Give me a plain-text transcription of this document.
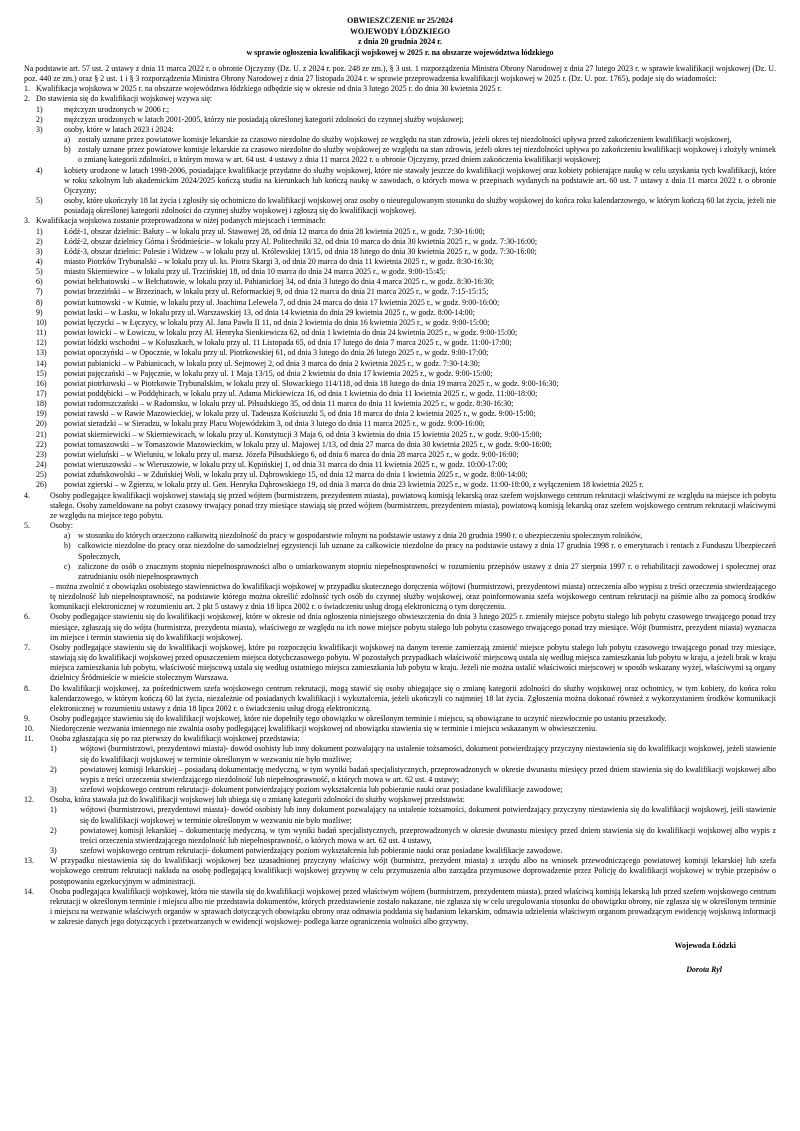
OBWIESZCZENIE nr 25/2024
WOJEWODY ŁÓDZKIEGO
z dnia 20 grudnia 2024 r.
w sprawie ogłoszenia kwalifikacji wojskowej w 2025 r. na obszarze województwa łódzkiego
Na podstawie art. 57 ust. 2 ustawy z dnia 11 marca 2022 r. o obronie Ojczyzny (Dz. U. z 2024 r. poz. 248 ze zm.), § 3 ust. 1 rozporządzenia Ministra Obrony Narodowej z dnia 27 lutego 2023 r. w sprawie kwalifikacji wojskowej (Dz. U. poz. 440 ze zm.) oraz § 2 ust. 1 i § 3 rozporządzenia Ministra Obrony Narodowej z dnia 27 listopada 2024 r. w sprawie przeprowadzenia kwalifikacji wojskowej w 2025 r. (Dz. U. poz. 1765), podaje się do wiadomości:
1.
Kwalifikacja wojskowa w 2025 r. na obszarze województwa łódzkiego odbędzie się w okresie od dnia 3 lutego 2025 r. do dnia 30 kwietnia 2025 r.
2.
Do stawienia się do kwalifikacji wojskowej wzywa się:
1)	mężczyzn urodzonych w 2006 r.;
2)	mężczyzn urodzonych w latach 2001-2005, którzy nie posiadają określonej kategorii zdolności do czynnej służby wojskowej;
3)	osoby, które w latach 2023 i 2024:
a) zostały uznane przez powiatowe komisje lekarskie za czasowo niezdolne do służby wojskowej ze względu na stan zdrowia, jeżeli okres tej niezdolności upływa przed zakończeniem kwalifikacji wojskowej,
b) zostały uznane przez powiatowe komisje lekarskie za czasowo niezdolne do służby wojskowej ze względu na stan zdrowia, jeżeli okres tej niezdolności upływa po zakończeniu kwalifikacji wojskowej i złożyły wniosek o zmianę kategorii zdolności, o którym mowa w art. 64 ust. 4 ustawy z dnia 11 marca 2022 r. o obronie Ojczyzny, przed dniem zakończenia kwalifikacji wojskowej;
4)	kobiety urodzone w latach 1998-2006, posiadające kwalifikacje przydatne do służby wojskowej, które nie stawały jeszcze do kwalifikacji wojskowej oraz kobiety pobierające naukę w celu uzyskania tych kwalifikacji, które w roku szkolnym lub akademickim 2024/2025 kończą studia na kierunkach lub kończą naukę w zawodach, o których mowa w przepisach wydanych na podstawie art. 60 ust. 7 ustawy z dnia 11 marca 2022 r. o obronie Ojczyzny;
5)	osoby, które ukończyły 18 lat życia i zgłosiły się ochotniczo do kwalifikacji wojskowej oraz osoby o nieuregulowanym stosunku do służby wojskowej do końca roku kalendarzowego, w którym kończą 60 lat życia, jeżeli nie posiadają określonej kategorii zdolności do czynnej służby wojskowej i zgłoszą się do kwalifikacji wojskowej.
3.
Kwalifikacja wojskowa zostanie przeprowadzona w niżej podanych miejscach i terminach:
1)	Łódź-1, obszar dzielnic: Bałuty – w lokalu przy ul. Stawowej 28, od dnia 12 marca do dnia 28 kwietnia 2025 r., w godz. 7:30-16:00;
2)	Łódź-2, obszar dzielnicy Górna i Śródmieście– w lokalu przy Al. Politechniki 32, od dnia 10 marca do dnia 30 kwietnia 2025 r., w godz. 7:30-16:00;
3)	Łódź-3, obszar dzielnic: Polesie i Widzew – w lokalu przy ul. Królewskiej 13/15, od dnia 18 lutego do dnia 30 kwietnia 2025 r., w godz. 7:30-16:00;
4)	miasto Piotrków Trybunalski – w lokalu przy ul. ks. Piotra Skargi 3, od dnia 20 marca do dnia 11 kwietnia 2025 r., w godz. 8:30-16:30;
5)	miasto Skierniewice – w lokalu przy ul. Trzcińskiej 18, od dnia 10 marca do dnia 24 marca 2025 r., w godz. 9:00-15:45;
6)	powiat bełchatowski – w Bełchatowie, w lokalu przy ul. Pabianickiej 34, od dnia 3 lutego do dnia 4 marca 2025 r., w godz. 8:30-16:30;
7)	powiat brzeziński – w Brzezinach, w lokalu przy ul. Reformackiej 9, od dnia 12 marca do dnia 21 marca 2025 r., w godz. 7:15-15:15;
8)	powiat kutnowski - w Kutnie, w lokalu przy ul. Joachima Lelewela 7, od dnia 24 marca do dnia 17 kwietnia 2025 r., w godz. 9:00-16:00;
9)	powiat łaski – w Łasku, w lokalu przy ul. Warszawskiej 13, od dnia 14 kwietnia do dnia 29 kwietnia 2025 r., w godz. 8:00-14:00;
10)	powiat łęczycki – w Łęczycy, w lokalu przy Al. Jana Pawła II 11, od dnia 2 kwietnia do dnia 16 kwietnia 2025 r., w godz. 9:00-15:00;
11)	powiat łowicki – w Łowiczu, w lokalu przy Al. Henryka Sienkiewicza 62, od dnia 1 kwietnia do dnia 24 kwietnia 2025 r., w godz. 9:00-15:00;
12)	powiat łódzki wschodni – w Koluszkach, w lokalu przy ul. 11 Listopada 65, od dnia 17 lutego do dnia 7 marca 2025 r., w godz. 11:00-17:00;
13)	powiat opoczyński – w Opocznie, w lokalu przy ul. Piotrkowskiej 61, od dnia 3 lutego do dnia 26 lutego 2025 r., w godz. 9:00-17:00;
14)	powiat pabianicki – w Pabianicach, w lokalu przy ul. Sejmowej 2, od dnia 3 marca do dnia 2 kwietnia 2025 r., w godz. 7:30-14:30;
15)	powiat pajęczański – w Pajęcznie, w lokalu przy ul. 1 Maja 13/15, od dnia 2 kwietnia do dnia 17 kwietnia 2025 r., w godz. 9:00-15:00;
16)	powiat piotrkowski – w Piotrkowie Trybunalskim, w lokalu przy ul. Słowackiego 114/118, od dnia 18 lutego do dnia 19 marca 2025 r., w godz. 9:00-16:30;
17)	powiat poddębicki – w Poddębicach, w lokalu przy ul. Adama Mickiewicza 16, od dnia 1 kwietnia do dnia 11 kwietnia 2025 r., w godz. 11:00-18:00;
18)	powiat radomszczański – w Radomsku, w lokalu przy ul. Piłsudskiego 35, od dnia 11 marca do dnia 11 kwietnia 2025 r., w godz. 8:30-16:30;
19)	powiat rawski – w Rawie Mazowieckiej, w lokalu przy ul. Tadeusza Kościuszki 5, od dnia 18 marca do dnia 2 kwietnia 2025 r., w godz. 9:00-15:00;
20)	powiat sieradzki – w Sieradzu, w lokalu przy Placu Wojewódzkim 3, od dnia 3 lutego do dnia 11 marca 2025 r., w godz. 9:00-16:00;
21)	powiat skierniewicki – w Skierniewicach, w lokalu przy ul. Konstytucji 3 Maja 6, od dnia 3 kwietnia do dnia 15 kwietnia 2025 r., w godz. 9:00-15:00;
22)	powiat tomaszowski – w Tomaszowie Mazowieckim, w lokalu przy ul. Majowej 1/13, od dnia 27 marca do dnia 30 kwietnia 2025 r., w godz. 9:00-16:00;
23)	powiat wieluński – w Wieluniu, w lokalu przy ul. marsz. Józefa Piłsudskiego 6, od dnia 6 marca do dnia 28 marca 2025 r., w godz. 9:00-16:00;
24)	powiat wieruszowski – w Wieruszowie, w lokalu przy ul. Kępińskiej 1, od dnia 31 marca do dnia 11 kwietnia 2025 r., w godz. 10:00-17:00;
25)	powiat zduńskowolski – w Zduńskiej Woli, w lokalu przy ul. Dąbrowskiego 15, od dnia 12 marca do dnia 1 kwietnia 2025 r., w godz. 8:00-14:00;
26)	powiat zgierski – w Zgierzu, w lokalu przy ul. Gen. Henryka Dąbrowskiego 19, od dnia 3 marca do dnia 23 kwietnia 2025 r., w godz. 11:00-18:00, z wyłączeniem 18 kwietnia 2025 r.
4.	Osoby podlegające kwalifikacji wojskowej stawiają się przed wójtem (burmistrzem, prezydentem miasta), powiatową komisją lekarską oraz szefem wojskowego centrum rekrutacji właściwymi ze względu na miejsce ich pobytu stałego. Osoby zameldowane na pobyt czasowy trwający ponad trzy miesiące stawiają się przed wójtem (burmistrzem, prezydentem miasta), powiatową komisją lekarską oraz szefem wojskowego centrum rekrutacji właściwymi ze względu na miejsce tego pobytu.
5.	Osoby:
a) w stosunku do których orzeczono całkowitą niezdolność do pracy w gospodarstwie rolnym na podstawie ustawy z dnia 20 grudnia 1990 r. o ubezpieczeniu społecznym rolników,
b) całkowicie niezdolne do pracy oraz niezdolne do samodzielnej egzystencji lub uznane za całkowicie niezdolne do pracy na podstawie ustawy z dnia 17 grudnia 1998 r. o emeryturach i rentach z Funduszu Ubezpieczeń Społecznych,
c) zaliczone do osób o znacznym stopniu niepełnosprawności albo o umiarkowanym stopniu niepełnosprawności w rozumieniu przepisów ustawy z dnia 27 sierpnia 1997 r. o rehabilitacji zawodowej i społecznej oraz zatrudnianiu osób niepełnosprawnych
– można zwolnić z obowiązku osobistego stawiennictwa do kwalifikacji wojskowej w przypadku skutecznego doręczenia wójtowi (burmistrzowi, prezydentowi miasta) orzeczenia albo wypisu z treści orzeczenia stwierdzającego tę niezdolność lub niepełnosprawność, na podstawie którego można określić zdolność tych osób do czynnej służby wojskowej, oraz poinformowania szefa wojskowego centrum rekrutacji na piśmie albo za pomocą środków komunikacji elektronicznej w rozumieniu art. 2 pkt 5 ustawy z dnia 18 lipca 2002 r. o świadczeniu usług drogą elektroniczną o tym doręczeniu.
6.	Osoby podlegające stawieniu się do kwalifikacji wojskowej, które w okresie od dnia ogłoszenia niniejszego obwieszczenia do dnia 3 lutego 2025 r. zmieniły miejsce pobytu stałego lub pobytu czasowego trwającego ponad trzy miesiące, zgłaszają się do wójta (burmistrza, prezydenta miasta), właściwego ze względu na ich nowe miejsce pobytu stałego lub pobytu czasowego trwającego ponad trzy miesiące. Wójt (burmistrz, prezydent miasta) wyznacza im miejsce i termin stawienia się do kwalifikacji wojskowej.
7.	Osoby podlegające stawieniu się do kwalifikacji wojskowej, które po rozpoczęciu kwalifikacji wojskowej na danym terenie zamierzają zmienić miejsce pobytu stałego lub pobytu czasowego trwającego ponad trzy miesiące, stawiają się do kwalifikacji wojskowej przed opuszczeniem miejsca dotychczasowego pobytu. W pozostałych przypadkach właściwość miejscową ustala się według miejsca zamieszkania lub pobytu w kraju, a jeżeli brak w kraju miejsca zamieszkania lub pobytu, właściwość miejscową ustala się według ostatniego miejsca zamieszkania lub pobytu w kraju. Jeżeli nie można ustalić właściwości miejscowej w sposób wskazany wyżej, właściwymi są organy dzielnicy Śródmieście w mieście stołecznym Warszawa.
8.	Do kwalifikacji wojskowej, za pośrednictwem szefa wojskowego centrum rekrutacji, mogą stawić się osoby ubiegające się o zmianę kategorii zdolności do służby wojskowej oraz ochotnicy, w tym kobiety, do końca roku kalendarzowego, w którym kończą 60 lat życia, niezależnie od posiadanych kwalifikacji i wykształcenia, jeżeli ukończyli co najmniej 18 lat życia. Zgłoszenia można dokonać również z wykorzystaniem środków komunikacji elektronicznej w rozumieniu ustawy z dnia 18 lipca 2002 r. o świadczeniu usług drogą elektroniczną.
9.	Osoby podlegające stawieniu się do kwalifikacji wojskowej, które nie dopełniły tego obowiązku w określonym terminie i miejscu, są obowiązane to uczynić niezwłocznie po ustaniu przeszkody.
10.	Niedoręczenie wezwania imiennego nie zwalnia osoby podlegającej kwalifikacji wojskowej od obowiązku stawienia się w terminie i miejscu wskazanym w obwieszczeniu.
11.	Osoba zgłaszająca się po raz pierwszy do kwalifikacji wojskowej przedstawia:
1)	wójtowi (burmistrzowi, prezydentowi miasta)- dowód osobisty lub inny dokument pozwalający na ustalenie tożsamości, dokument potwierdzający przyczyny niestawienia się do kwalifikacji wojskowej, jeżeli stawienie się do kwalifikacji wojskowej w terminie określonym w wezwaniu nie było możliwe;
2)	powiatowej komisji lekarskiej – posiadaną dokumentację medyczną, w tym wyniki badań specjalistycznych, przeprowadzonych w okresie dwunastu miesięcy przed dniem stawienia się do kwalifikacji wojskowej albo wypis z treści orzeczenia stwierdzającego niezdolność lub niepełnosprawność, o których mowa w art. 62 ust. 4 ustawy;
3)	szefowi wojskowego centrum rekrutacji- dokument potwierdzający poziom wykształcenia lub pobieranie nauki oraz posiadane kwalifikacje zawodowe;
12.	Osoba, która stawała już do kwalifikacji wojskowej lub ubiega się o zmianę kategorii zdolności do służby wojskowej przedstawia:
1)	wójtowi (burmistrzowi, prezydentowi miasta)- dowód osobisty lub inny dokument pozwalający na ustalenie tożsamości, dokument potwierdzający przyczyny niestawienia się do kwalifikacji wojskowej, jeśli stawienie się do kwalifikacji wojskowej w terminie określonym w wezwaniu nie było możliwe;
2)	powiatowej komisji lekarskiej – dokumentację medyczną, w tym wyniki badań specjalistycznych, przeprowadzonych w okresie dwunastu miesięcy przed dniem stawienia się do kwalifikacji wojskowej albo wypis z treści orzeczenia stwierdzającego niezdolność lub niepełnosprawność, o których mowa w art. 62 ust. 4 ustawy,
3)	szefowi wojskowego centrum rekrutacji- dokument potwierdzający poziom wykształcenia lub pobieranie nauki oraz posiadane kwalifikacje zawodowe.
13.	W przypadku niestawienia się do kwalifikacji wojskowej bez uzasadnionej przyczyny właściwy wójt (burmistrz, prezydent miasta) z urzędu albo na wniosek przewodniczącego powiatowej komisji lekarskiej lub szefa wojskowego centrum rekrutacji nakłada na osobę podlegającą kwalifikacji wojskowej grzywnę w celu przymuszenia albo zarządza przymusowe doprowadzenie przez Policję do kwalifikacji wojskowej w trybie przepisów o postępowaniu egzekucyjnym w administracji.
14.	Osoba podlegająca kwalifikacji wojskowej, która nie stawiła się do kwalifikacji wojskowej przed właściwym wójtem (burmistrzem, prezydentem miasta), przed właściwą komisją lekarską lub przed szefem wojskowego centrum rekrutacji w określonym terminie i miejscu albo nie przedstawia dokumentów, których przedstawienie zostało nakazane, nie zgłasza się w celu uregulowania stosunku do obowiązku obrony, nie zgłasza się w określonym terminie i miejscu na wezwanie właściwych organów w sprawach dotyczących obowiązku obrony oraz odmawia poddania się badaniom lekarskim, odmawia udzielenia właściwym organom prowadzącym ewidencję wojskową informacji w zakresie danych jego dotyczących i przetwarzanych w ewidencji wojskowej- podlega karze ograniczenia wolności albo grzywny.
Wojewoda Łódzki
Dorota Ryl
